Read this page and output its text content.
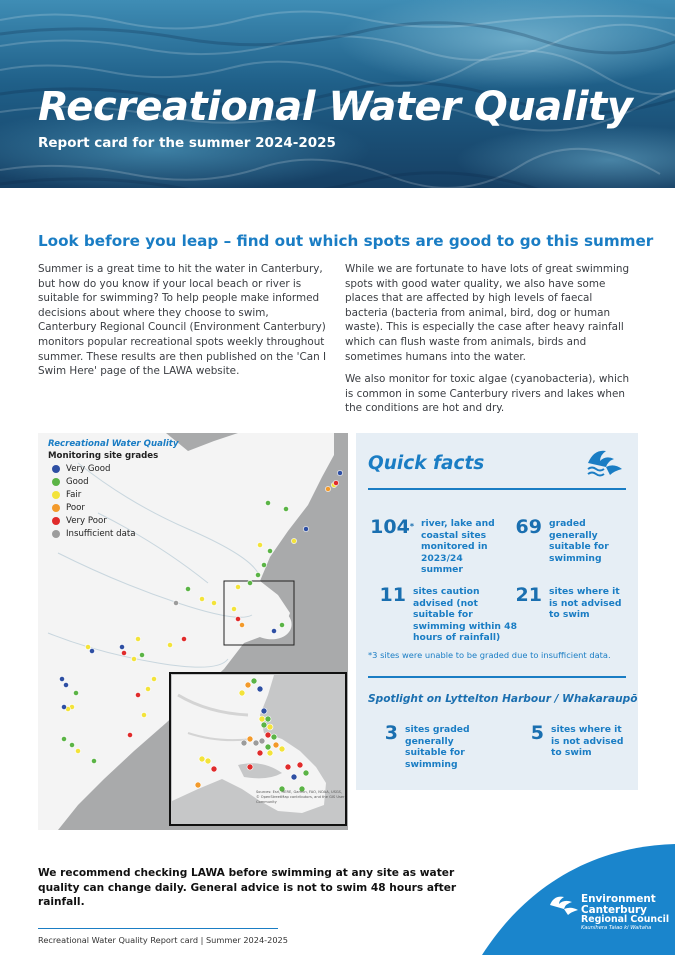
Recreational Water Quality
Report card for the summer 2024-2025
Look before you leap – find out which spots are good to go this summer

Summer is a great time to hit the water in Canterbury, but how do you know if your local beach or river is suitable for swimming? To help people make informed decisions about where they choose to swim, Canterbury Regional Council (Environment Canterbury) monitors popular recreational spots weekly throughout summer. These results are then published on the 'Can I Swim Here' page of the LAWA website.

While we are fortunate to have lots of great swimming spots with good water quality, we also have some places that are affected by high levels of faecal bacteria (bacteria from animal, bird, dog or human waste). This is especially the case after heavy rainfall which can flush waste from animals, birds and sometimes humans into the water.

We also monitor for toxic algae (cyanobacteria), which is common in some Canterbury rivers and lakes when the conditions are hot and dry.

Recreational Water Quality
Monitoring site grades
Very Good
Good
Fair
Poor
Very Poor
Insufficient data
Sources: Esri, HERE, Garmin, FAO, NOAA, USGS, © OpenStreetMap contributors, and the GIS User Community
Quick facts
104* river, lake and coastal sites monitored in 2023/24 summer
69 graded generally suitable for swimming
11 sites caution advised (not suitable for swimming within 48 hours of rainfall)
21 sites where it is not advised to swim
*3 sites were unable to be graded due to insufficient data.
Spotlight on Lyttelton Harbour / Whakaraupō
3 sites graded generally suitable for swimming
5 sites where it is not advised to swim
We recommend checking LAWA before swimming at any site as water quality can change daily. General advice is not to swim 48 hours after rainfall.
Recreational Water Quality Report card | Summer 2024-2025
Environment
Canterbury
Regional Council
Kaunihera Taiao ki Waitaha
